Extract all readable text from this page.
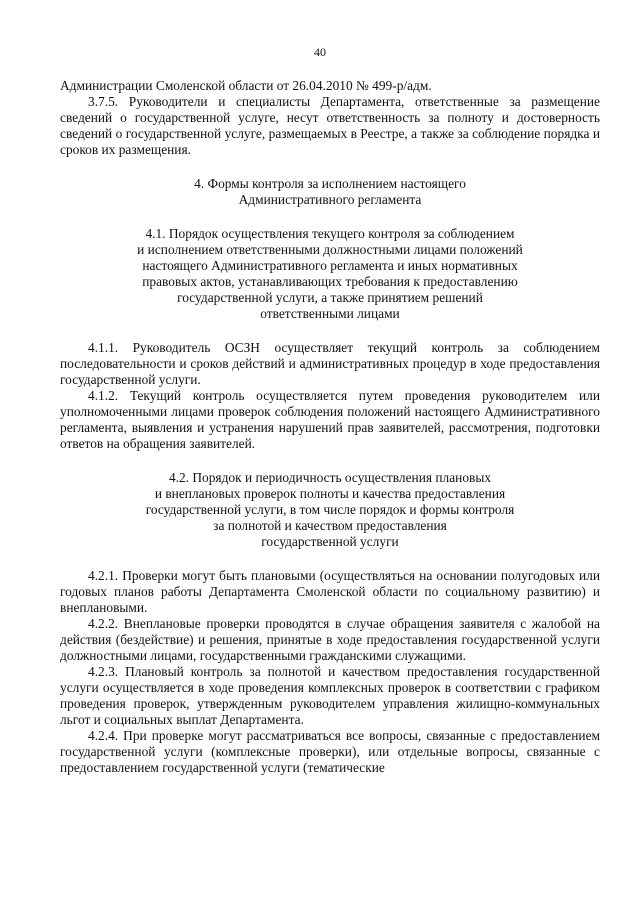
40

Администрации Смоленской области от 26.04.2010 № 499-р/адм.

3.7.5. Руководители и специалисты Департамента, ответственные за размещение сведений о государственной услуге, несут ответственность за полноту и достоверность сведений о государственной услуге, размещаемых в Реестре, а также за соблюдение порядка и сроков их размещения.

4. Формы контроля за исполнением настоящего
Административного регламента
4.1. Порядок осуществления текущего контроля за соблюдением
и исполнением ответственными должностными лицами положений
настоящего Административного регламента и иных нормативных
правовых актов, устанавливающих требования к предоставлению
государственной услуги, а также принятием решений
ответственными лицами

4.1.1. Руководитель ОСЗН осуществляет текущий контроль за соблюдением последовательности и сроков действий и административных процедур в ходе предоставления государственной услуги.

4.1.2. Текущий контроль осуществляется путем проведения руководителем или уполномоченными лицами проверок соблюдения положений настоящего Административного регламента, выявления и устранения нарушений прав заявителей, рассмотрения, подготовки ответов на обращения заявителей.

4.2. Порядок и периодичность осуществления плановых
и внеплановых проверок полноты и качества предоставления
государственной услуги, в том числе порядок и формы контроля
за полнотой и качеством предоставления
государственной услуги

4.2.1. Проверки могут быть плановыми (осуществляться на основании полугодовых или годовых планов работы Департамента Смоленской области по социальному развитию) и внеплановыми.

4.2.2. Внеплановые проверки проводятся в случае обращения заявителя с жалобой на действия (бездействие) и решения, принятые в ходе предоставления государственной услуги должностными лицами, государственными гражданскими служащими.

4.2.3. Плановый контроль за полнотой и качеством предоставления государственной услуги осуществляется в ходе проведения комплексных проверок в соответствии с графиком проведения проверок, утвержденным руководителем управления жилищно-коммунальных льгот и социальных выплат Департамента.

4.2.4. При проверке могут рассматриваться все вопросы, связанные с предоставлением государственной услуги (комплексные проверки), или отдельные вопросы, связанные с предоставлением государственной услуги (тематические
